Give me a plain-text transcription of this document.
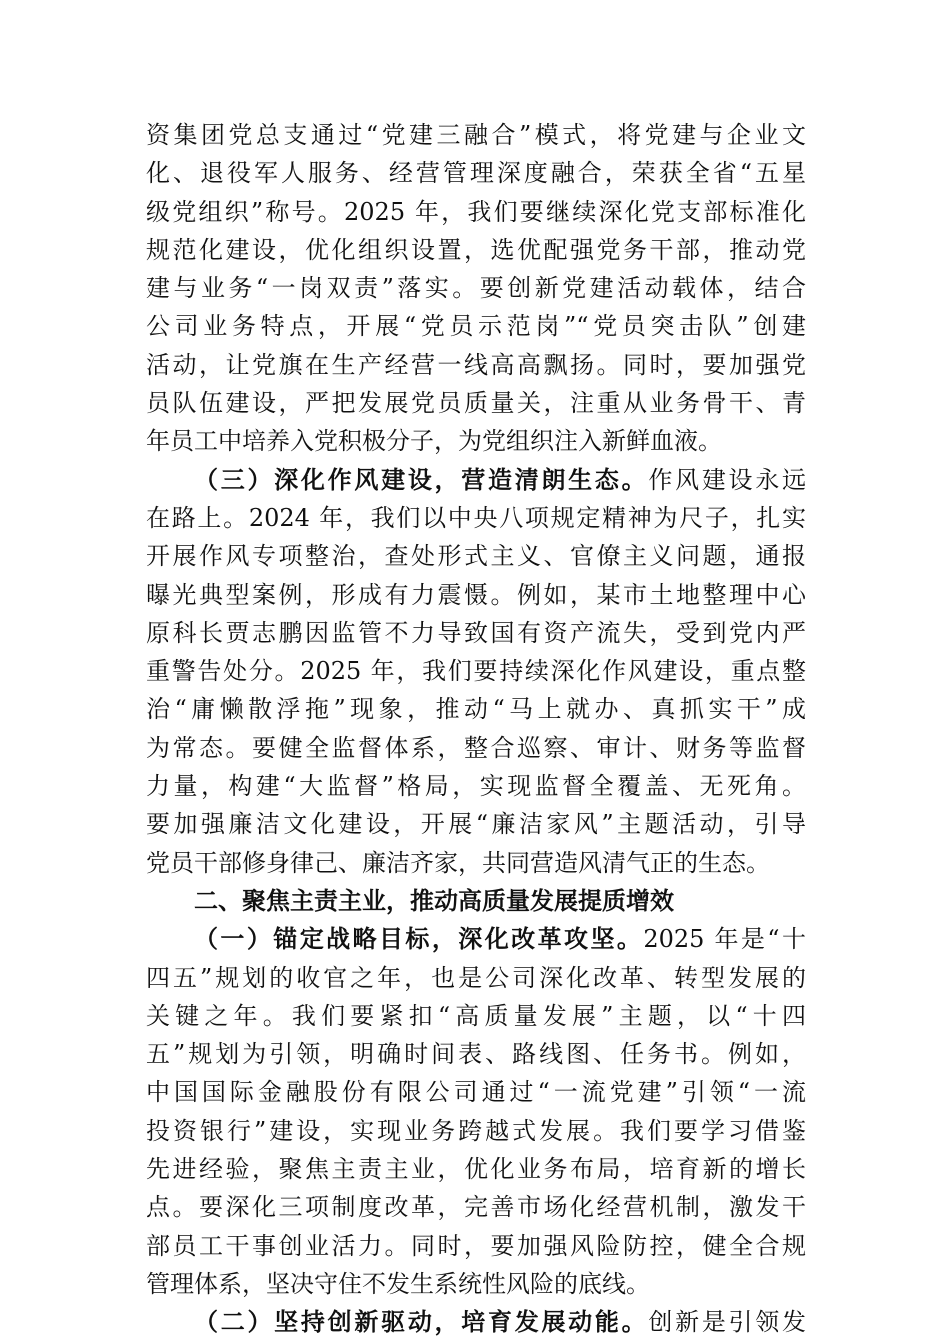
资集团党总支通过“党建三融合”模式，将党建与企业文
化、退役军人服务、经营管理深度融合，荣获全省“五星
级党组织”称号。2025 年，我们要继续深化党支部标准化
规范化建设，优化组织设置，选优配强党务干部，推动党
建与业务“一岗双责”落实。要创新党建活动载体，结合
公司业务特点，开展“党员示范岗”“党员突击队”创建
活动，让党旗在生产经营一线高高飘扬。同时，要加强党
员队伍建设，严把发展党员质量关，注重从业务骨干、青
年员工中培养入党积极分子，为党组织注入新鲜血液。
（三）深化作风建设，营造清朗生态。作风建设永远
在路上。2024 年，我们以中央八项规定精神为尺子，扎实
开展作风专项整治，查处形式主义、官僚主义问题，通报
曝光典型案例，形成有力震慑。例如，某市土地整理中心
原科长贾志鹏因监管不力导致国有资产流失，受到党内严
重警告处分。2025 年，我们要持续深化作风建设，重点整
治“庸懒散浮拖”现象，推动“马上就办、真抓实干”成
为常态。要健全监督体系，整合巡察、审计、财务等监督
力量，构建“大监督”格局，实现监督全覆盖、无死角。
要加强廉洁文化建设，开展“廉洁家风”主题活动，引导
党员干部修身律己、廉洁齐家，共同营造风清气正的生态。
二、聚焦主责主业，推动高质量发展提质增效
（一）锚定战略目标，深化改革攻坚。2025 年是“十
四五”规划的收官之年，也是公司深化改革、转型发展的
关键之年。我们要紧扣“高质量发展”主题，以“十四
五”规划为引领，明确时间表、路线图、任务书。例如，
中国国际金融股份有限公司通过“一流党建”引领“一流
投资银行”建设，实现业务跨越式发展。我们要学习借鉴
先进经验，聚焦主责主业，优化业务布局，培育新的增长
点。要深化三项制度改革，完善市场化经营机制，激发干
部员工干事创业活力。同时，要加强风险防控，健全合规
管理体系，坚决守住不发生系统性风险的底线。
（二）坚持创新驱动，培育发展动能。创新是引领发
